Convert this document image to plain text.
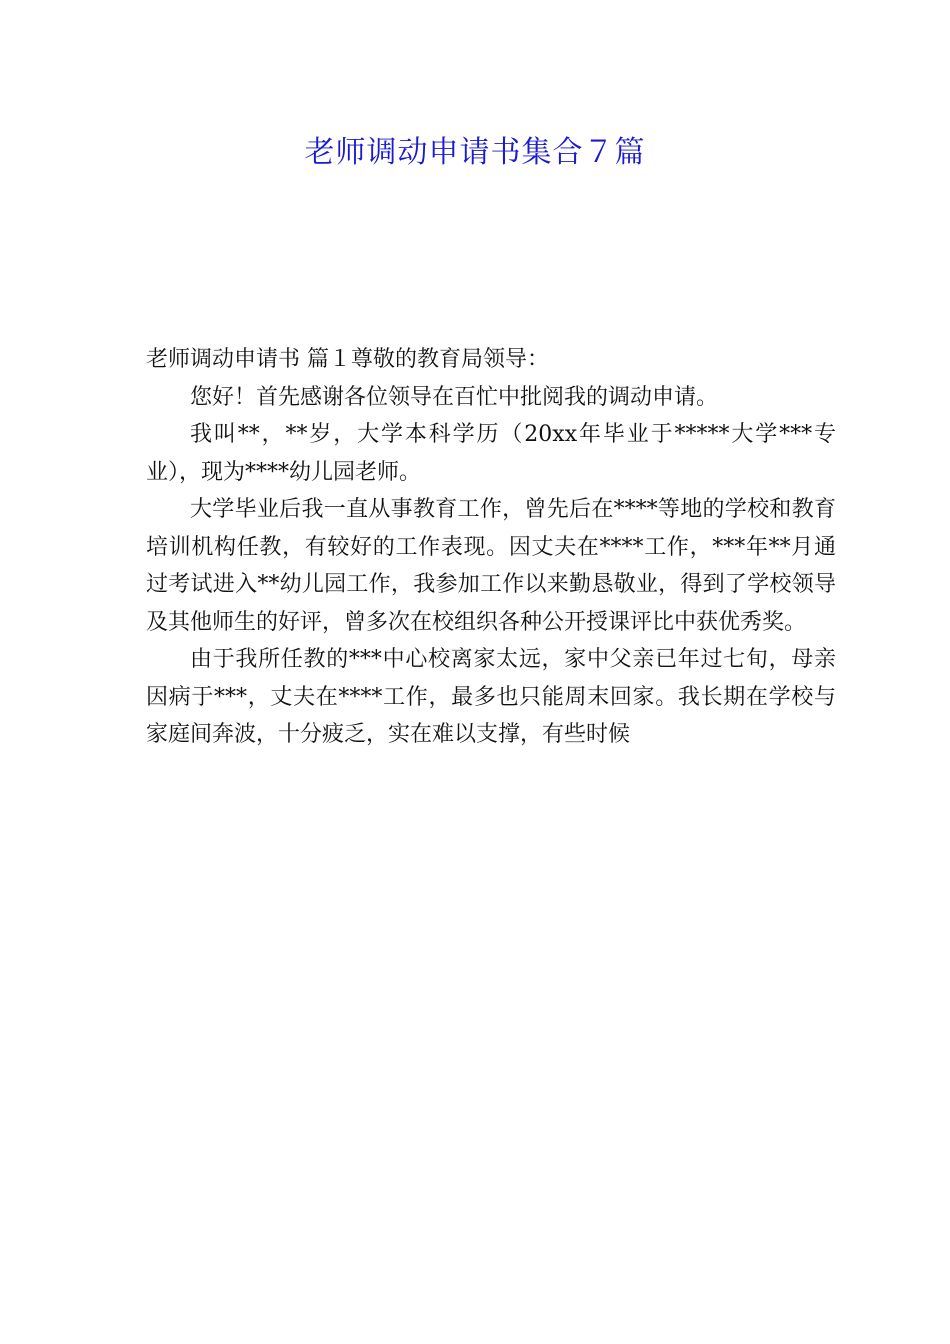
老师调动申请书集合７篇

老师调动申请书 篇１尊敬的教育局领导：

您好！首先感谢各位领导在百忙中批阅我的调动申请。

我叫**，**岁，大学本科学历（20xx年毕业于*****大学***专业），现为****幼儿园老师。

大学毕业后我一直从事教育工作，曾先后在****等地的学校和教育培训机构任教，有较好的工作表现。因丈夫在****工作，***年**月通过考试进入**幼儿园工作，我参加工作以来勤恳敬业，得到了学校领导及其他师生的好评，曾多次在校组织各种公开授课评比中获优秀奖。

由于我所任教的***中心校离家太远，家中父亲已年过七旬，母亲因病于***，丈夫在****工作，最多也只能周末回家。我长期在学校与家庭间奔波，十分疲乏，实在难以支撑，有些时候
